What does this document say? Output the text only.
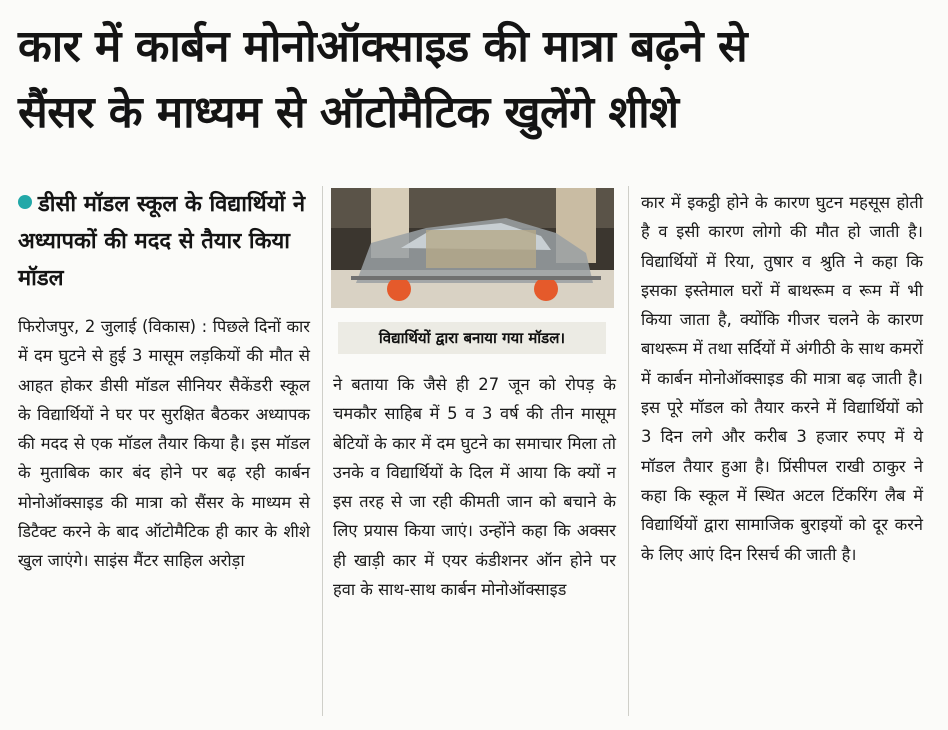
कार में कार्बन मोनोऑक्साइड की मात्रा बढ़ने से
सैंसर के माध्यम से ऑटोमैटिक खुलेंगे शीशे
डीसी मॉडल स्कूल के विद्यार्थियों ने अध्यापकों की मदद से तैयार किया मॉडल

फिरोजपुर, 2 जुलाई (विकास) : पिछले दिनों कार में दम घुटने से हुई 3 मासूम लड़कियों की मौत से आहत होकर डीसी मॉडल सीनियर सैकेंडरी स्कूल के विद्यार्थियों ने घर पर सुरक्षित बैठकर अध्यापक की मदद से एक मॉडल तैयार किया है। इस मॉडल के मुताबिक कार बंद होने पर बढ़ रही कार्बन मोनोऑक्साइड की मात्रा को सैंसर के माध्यम से डिटैक्ट करने के बाद ऑटोमैटिक ही कार के शीशे खुल जाएंगे। साइंस मैंटर साहिल अरोड़ा

विद्यार्थियों द्वारा बनाया गया मॉडल।

ने बताया कि जैसे ही 27 जून को रोपड़ के चमकौर साहिब में 5 व 3 वर्ष की तीन मासूम बेटियों के कार में दम घुटने का समाचार मिला तो उनके व विद्यार्थियों के दिल में आया कि क्यों न इस तरह से जा रही कीमती जान को बचाने के लिए प्रयास किया जाएं। उन्होंने कहा कि अक्सर ही खाड़ी कार में एयर कंडीशनर ऑन होने पर हवा के साथ-साथ कार्बन मोनोऑक्साइड

कार में इकट्ठी होने के कारण घुटन महसूस होती है व इसी कारण लोगो की मौत हो जाती है। विद्यार्थियों में रिया, तुषार व श्रुति ने कहा कि इसका इस्तेमाल घरों में बाथरूम व रूम में भी किया जाता है, क्योंकि गीजर चलने के कारण बाथरूम में तथा सर्दियों में अंगीठी के साथ कमरों में कार्बन मोनोऑक्साइड की मात्रा बढ़ जाती है। इस पूरे मॉडल को तैयार करने में विद्यार्थियों को 3 दिन लगे और करीब 3 हजार रुपए में ये मॉडल तैयार हुआ है। प्रिंसीपल राखी ठाकुर ने कहा कि स्कूल में स्थित अटल टिंकरिंग लैब में विद्यार्थियों द्वारा सामाजिक बुराइयों को दूर करने के लिए आएं दिन रिसर्च की जाती है।
